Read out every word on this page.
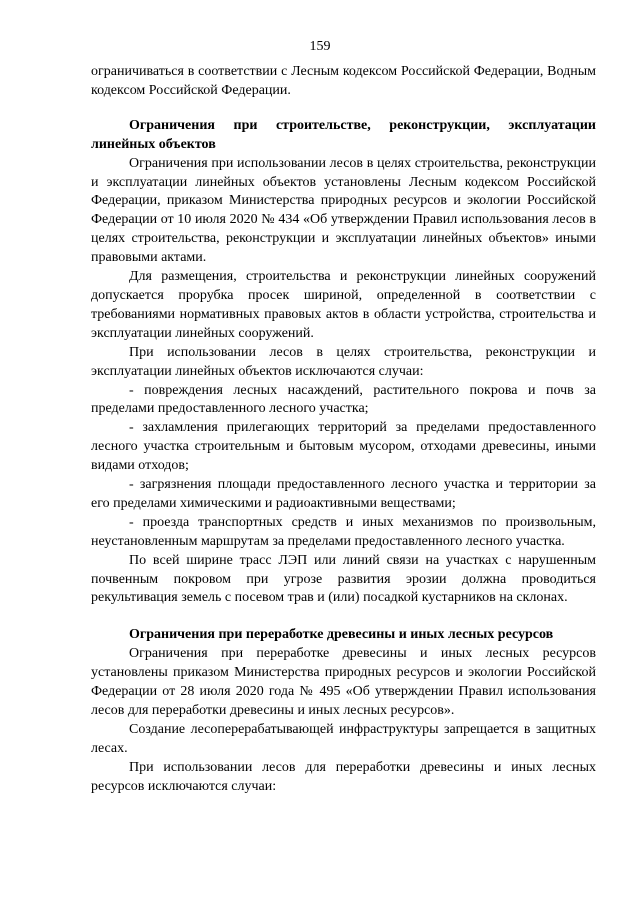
159

ограничиваться в соответствии с Лесным кодексом Российской Федерации, Водным кодексом Российской Федерации.

Ограничения при строительстве, реконструкции, эксплуатации линейных объектов

Ограничения при использовании лесов в целях строительства, реконструкции и эксплуатации линейных объектов установлены Лесным кодексом Российской Федерации, приказом Министерства природных ресурсов и экологии Российской Федерации от 10 июля 2020 № 434 «Об утверждении Правил использования лесов в целях строительства, реконструкции и эксплуатации линейных объектов» иными правовыми актами.

Для размещения, строительства и реконструкции линейных сооружений допускается прорубка просек шириной, определенной в соответствии с требованиями нормативных правовых актов в области устройства, строительства и эксплуатации линейных сооружений.

При использовании лесов в целях строительства, реконструкции и эксплуатации линейных объектов исключаются случаи:

- повреждения лесных насаждений, растительного покрова и почв за пределами предоставленного лесного участка;

- захламления прилегающих территорий за пределами предоставленного лесного участка строительным и бытовым мусором, отходами древесины, иными видами отходов;

- загрязнения площади предоставленного лесного участка и территории за его пределами химическими и радиоактивными веществами;

- проезда транспортных средств и иных механизмов по произвольным, неустановленным маршрутам за пределами предоставленного лесного участка.

По всей ширине трасс ЛЭП или линий связи на участках с нарушенным почвенным покровом при угрозе развития эрозии должна проводиться рекультивация земель с посевом трав и (или) посадкой кустарников на склонах.

Ограничения при переработке древесины и иных лесных ресурсов

Ограничения при переработке древесины и иных лесных ресурсов установлены приказом Министерства природных ресурсов и экологии Российской Федерации от 28 июля 2020 года № 495 «Об утверждении Правил использования лесов для переработки древесины и иных лесных ресурсов».

Создание лесоперерабатывающей инфраструктуры запрещается в защитных лесах.

При использовании лесов для переработки древесины и иных лесных ресурсов исключаются случаи:
